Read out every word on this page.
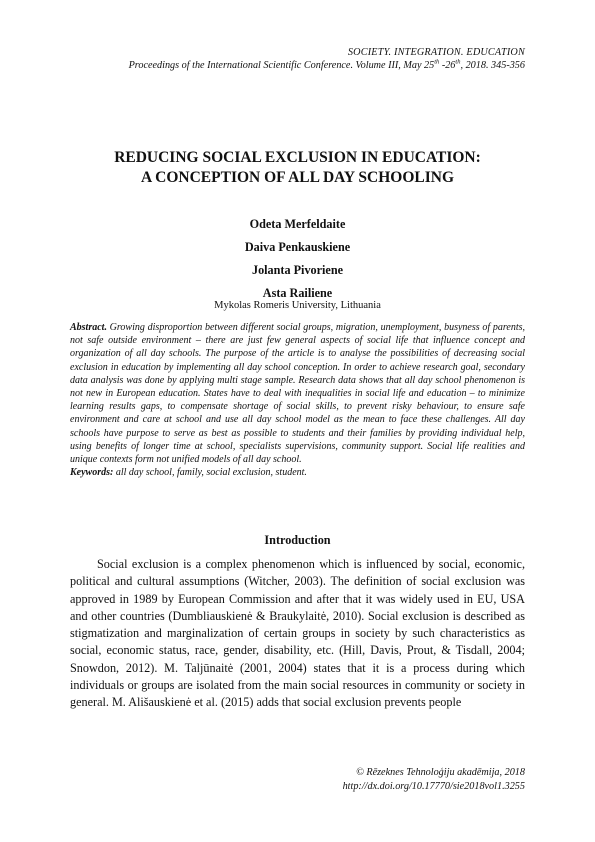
SOCIETY. INTEGRATION. EDUCATION
Proceedings of the International Scientific Conference. Volume III, May 25th -26th, 2018. 345-356
REDUCING SOCIAL EXCLUSION IN EDUCATION:
A CONCEPTION OF ALL DAY SCHOOLING
Odeta Merfeldaite
Daiva Penkauskiene
Jolanta Pivoriene
Asta Railiene
Mykolas Romeris University, Lithuania
Abstract. Growing disproportion between different social groups, migration, unemployment, busyness of parents, not safe outside environment – there are just few general aspects of social life that influence concept and organization of all day schools. The purpose of the article is to analyse the possibilities of decreasing social exclusion in education by implementing all day school conception. In order to achieve research goal, secondary data analysis was done by applying multi stage sample. Research data shows that all day school phenomenon is not new in European education. States have to deal with inequalities in social life and education – to minimize learning results gaps, to compensate shortage of social skills, to prevent risky behaviour, to ensure safe environment and care at school and use all day school model as the mean to face these challenges. All day schools have purpose to serve as best as possible to students and their families by providing individual help, using benefits of longer time at school, specialists supervisions, community support. Social life realities and unique contexts form not unified models of all day school.
Keywords: all day school, family, social exclusion, student.
Introduction
Social exclusion is a complex phenomenon which is influenced by social, economic, political and cultural assumptions (Witcher, 2003). The definition of social exclusion was approved in 1989 by European Commission and after that it was widely used in EU, USA and other countries (Dumbliauskienė & Braukylaitė, 2010). Social exclusion is described as stigmatization and marginalization of certain groups in society by such characteristics as social, economic status, race, gender, disability, etc. (Hill, Davis, Prout, & Tisdall, 2004; Snowdon, 2012). M. Taljūnaitė (2001, 2004) states that it is a process during which individuals or groups are isolated from the main social resources in community or society in general. M. Ališauskienė et al. (2015) adds that social exclusion prevents people
© Rēzeknes Tehnoloģiju akadēmija, 2018
http://dx.doi.org/10.17770/sie2018vol1.3255
